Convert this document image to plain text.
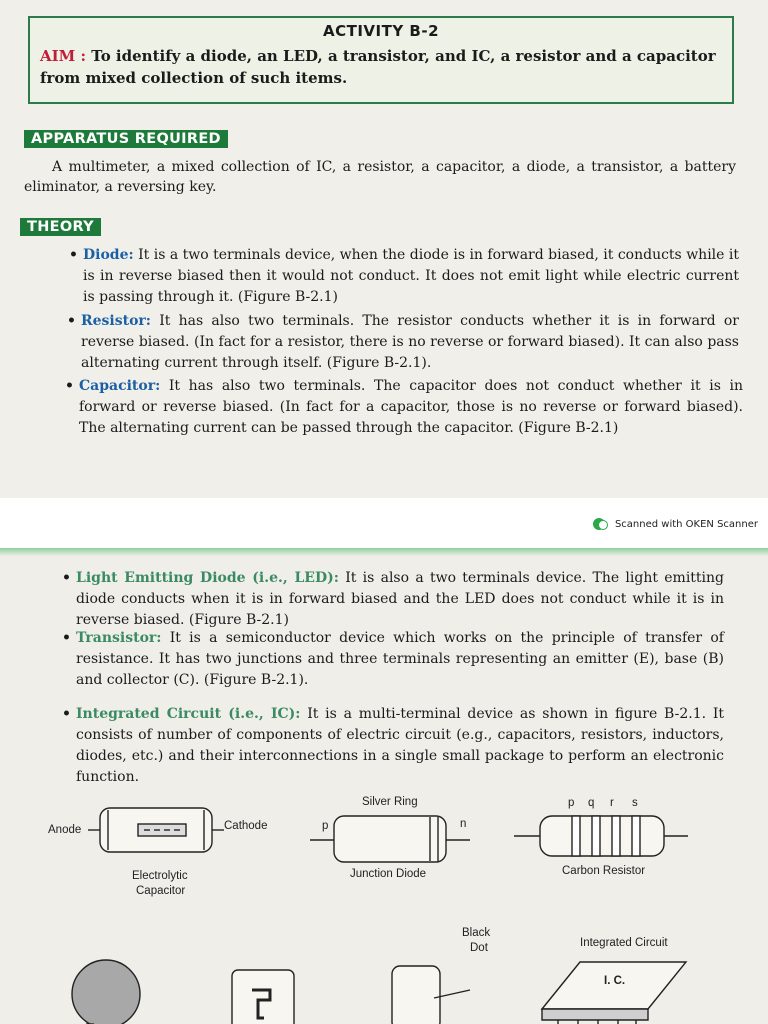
ACTIVITY B-2
AIM : To identify a diode, an LED, a transistor, and IC, a resistor and a capacitor from mixed collection of such items.
APPARATUS REQUIRED
A multimeter, a mixed collection of IC, a resistor, a capacitor, a diode, a transistor, a battery eliminator, a reversing key.
THEORY
• Diode: It is a two terminals device, when the diode is in forward biased, it conducts while it is in reverse biased then it would not conduct. It does not emit light while electric current is passing through it. (Figure B-2.1)
• Resistor: It has also two terminals. The resistor conducts whether it is in forward or reverse biased. (In fact for a resistor, there is no reverse or forward biased). It can also pass alternating current through itself. (Figure B-2.1).
• Capacitor: It has also two terminals. The capacitor does not conduct whether it is in forward or reverse biased. (In fact for a capacitor, those is no reverse or forward biased). The alternating current can be passed through the capacitor. (Figure B-2.1)
Scanned with OKEN Scanner
• Light Emitting Diode (i.e., LED): It is also a two terminals device. The light emitting diode conducts when it is in forward biased and the LED does not conduct while it is in reverse biased. (Figure B-2.1)
• Transistor: It is a semiconductor device which works on the principle of transfer of resistance. It has two junctions and three terminals representing an emitter (E), base (B) and collector (C). (Figure B-2.1).
• Integrated Circuit (i.e., IC): It is a multi-terminal device as shown in figure B-2.1. It consists of number of components of electric circuit (e.g., capacitors, resistors, inductors, diodes, etc.) and their interconnections in a single small package to perform an electronic function.
Anode	Cathode
Electrolytic
Capacitor
Silver Ring
p	n
Junction Diode
p q r s
Carbon Resistor
Black
Dot	Integrated Circuit
I. C.
